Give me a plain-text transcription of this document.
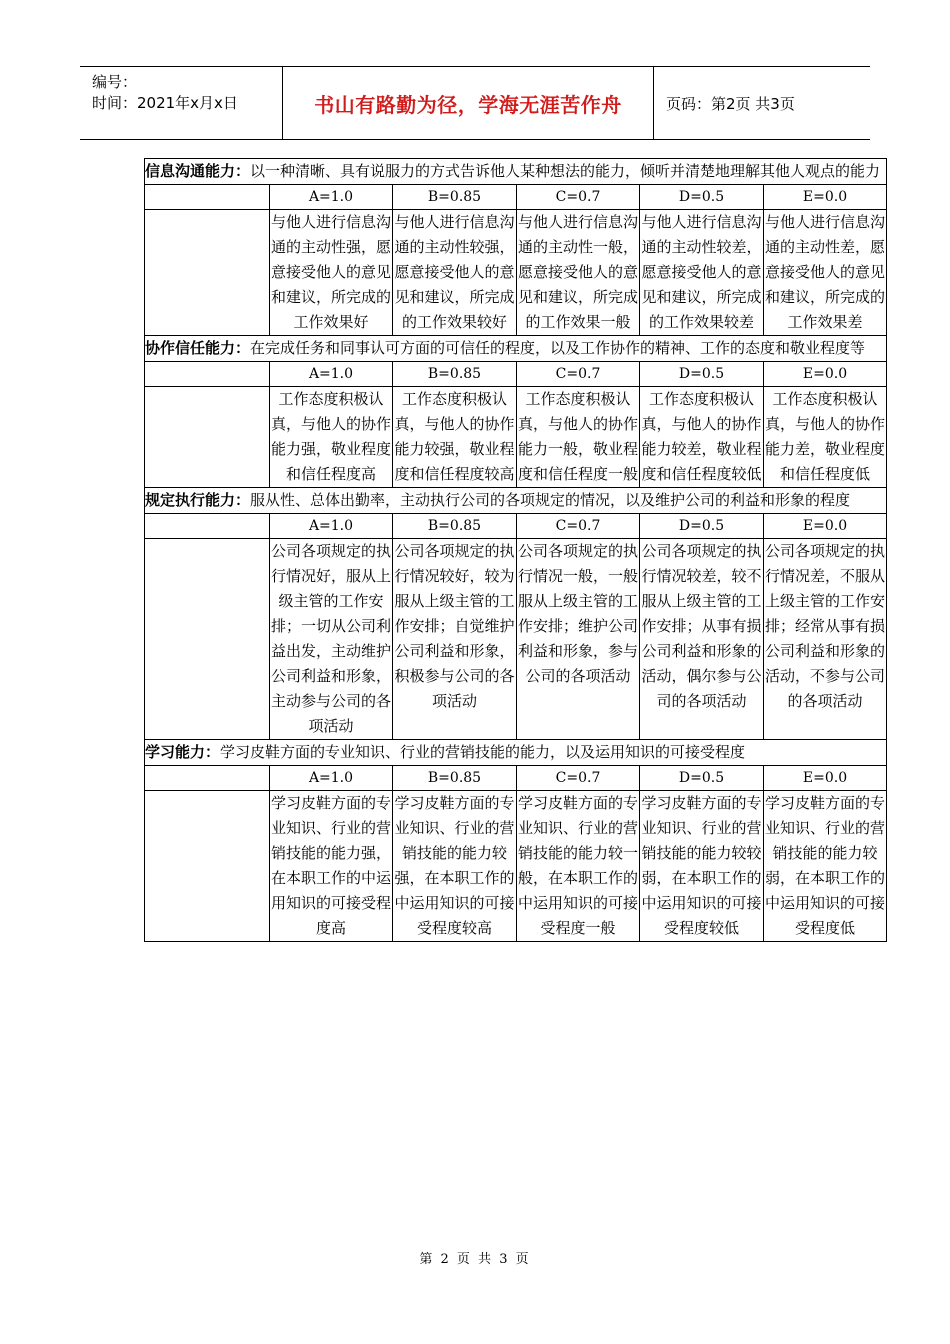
编号：
时间：2021年x月x日	书山有路勤为径，学海无涯苦作舟	页码：第2页 共3页
信息沟通能力：以一种清晰、具有说服力的方式告诉他人某种想法的能力，倾听并清楚地理解其他人观点的能力					
	A=1.0	B=0.85	C=0.7	D=0.5	E=0.0
	与他人进行信息沟通的主动性强，愿意接受他人的意见和建议，所完成的工作效果好	与他人进行信息沟通的主动性较强，愿意接受他人的意见和建议，所完成的工作效果较好	与他人进行信息沟通的主动性一般，愿意接受他人的意见和建议，所完成的工作效果一般	与他人进行信息沟通的主动性较差，愿意接受他人的意见和建议，所完成的工作效果较差	与他人进行信息沟通的主动性差，愿意接受他人的意见和建议，所完成的工作效果差
协作信任能力：在完成任务和同事认可方面的可信任的程度，以及工作协作的精神、工作的态度和敬业程度等					
	A=1.0	B=0.85	C=0.7	D=0.5	E=0.0
	工作态度积极认真，与他人的协作能力强，敬业程度和信任程度高	工作态度积极认真，与他人的协作能力较强，敬业程度和信任程度较高	工作态度积极认真，与他人的协作能力一般，敬业程度和信任程度一般	工作态度积极认真，与他人的协作能力较差，敬业程度和信任程度较低	工作态度积极认真，与他人的协作能力差，敬业程度和信任程度低
规定执行能力：服从性、总体出勤率，主动执行公司的各项规定的情况，以及维护公司的利益和形象的程度					
	A=1.0	B=0.85	C=0.7	D=0.5	E=0.0
	公司各项规定的执行情况好，服从上级主管的工作安排；一切从公司利益出发，主动维护公司利益和形象，主动参与公司的各项活动	公司各项规定的执行情况较好，较为服从上级主管的工作安排；自觉维护公司利益和形象，积极参与公司的各项活动	公司各项规定的执行情况一般，一般服从上级主管的工作安排；维护公司利益和形象，参与公司的各项活动	公司各项规定的执行情况较差，较不服从上级主管的工作安排；从事有损公司利益和形象的活动，偶尔参与公司的各项活动	公司各项规定的执行情况差，不服从上级主管的工作安排；经常从事有损公司利益和形象的活动，不参与公司的各项活动
学习能力：学习皮鞋方面的专业知识、行业的营销技能的能力，以及运用知识的可接受程度					
	A=1.0	B=0.85	C=0.7	D=0.5	E=0.0
	学习皮鞋方面的专业知识、行业的营销技能的能力强，在本职工作的中运用知识的可接受程度高	学习皮鞋方面的专业知识、行业的营销技能的能力较强，在本职工作的中运用知识的可接受程度较高	学习皮鞋方面的专业知识、行业的营销技能的能力较一般，在本职工作的中运用知识的可接受程度一般	学习皮鞋方面的专业知识、行业的营销技能的能力较较弱，在本职工作的中运用知识的可接受程度较低	学习皮鞋方面的专业知识、行业的营销技能的能力较弱，在本职工作的中运用知识的可接受程度低
第 2 页 共 3 页
